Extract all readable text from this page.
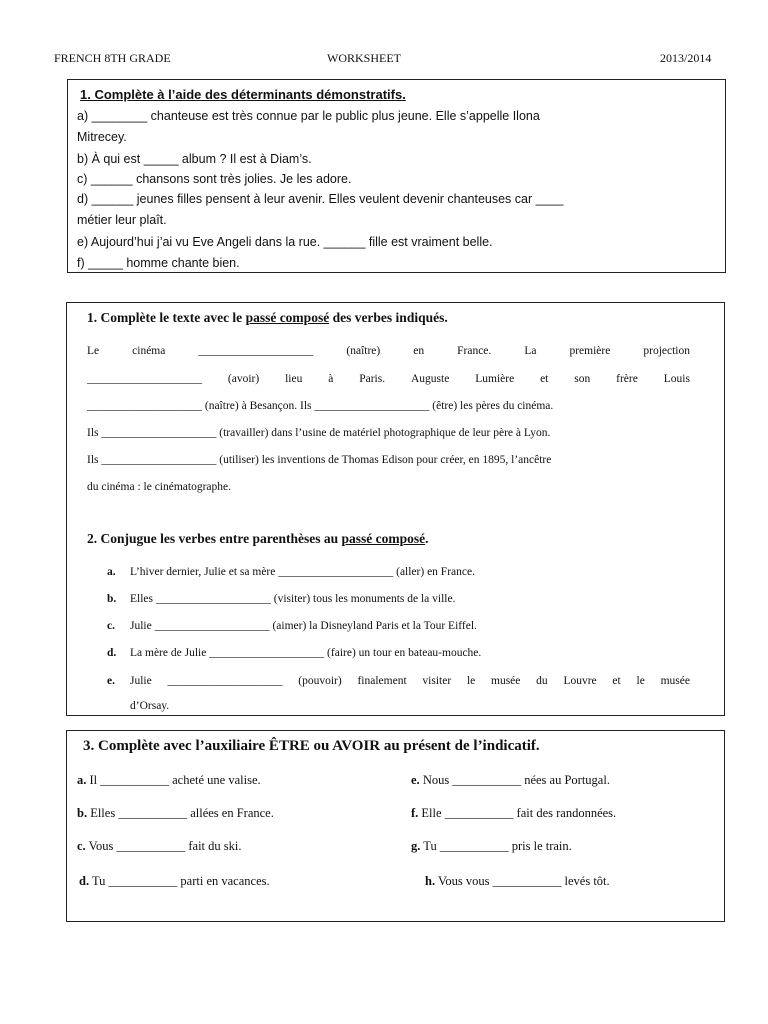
FRENCH 8TH GRADE	WORKSHEET	2013/2014
1. Complète à l’aide des déterminants démonstratifs.
a) ________ chanteuse est très connue par le public plus jeune. Elle s’appelle Ilona
Mitrecey.
b) À qui est _____ album ? Il est à Diam’s.
c) ______ chansons sont très jolies. Je les adore.
d) ______ jeunes filles pensent à leur avenir. Elles veulent devenir chanteuses car ____
métier leur plaît.
e) Aujourd’hui j’ai vu Eve Angeli dans la rue. ______ fille est vraiment belle.
f) _____ homme chante bien.
1. Complète le texte avec le passé composé des verbes indiqués.
Le	cinéma	____________________	(naître)	en	France.	La	première	projection
____________________ (avoir) lieu à Paris. Auguste Lumière et son frère Louis
____________________ (naître) à Besançon. Ils ____________________ (être) les pères du cinéma.
Ils ____________________ (travailler) dans l’usine de matériel photographique de leur père à Lyon.
Ils ____________________ (utiliser) les inventions de Thomas Edison pour créer, en 1895, l’ancêtre
du cinéma : le cinématographe.
2. Conjugue les verbes entre parenthèses au passé composé.
a. L’hiver dernier, Julie et sa mère ____________________ (aller) en France.
b. Elles ____________________ (visiter) tous les monuments de la ville.
c. Julie ____________________ (aimer) la Disneyland Paris et la Tour Eiffel.
d. La mère de Julie ____________________ (faire) un tour en bateau-mouche.
e. Julie ____________________ (pouvoir) finalement visiter le musée du Louvre et le musée
d’Orsay.
3. Complète avec l’auxiliaire ÊTRE ou AVOIR au présent de l’indicatif.
a. Il ___________ acheté une valise.
b. Elles ___________ allées en France.
c. Vous ___________ fait du ski.
d. Tu ___________ parti en vacances.
e. Nous ___________ nées au Portugal.
f. Elle ___________ fait des randonnées.
g. Tu ___________ pris le train.
h. Vous vous ___________ levés tôt.
